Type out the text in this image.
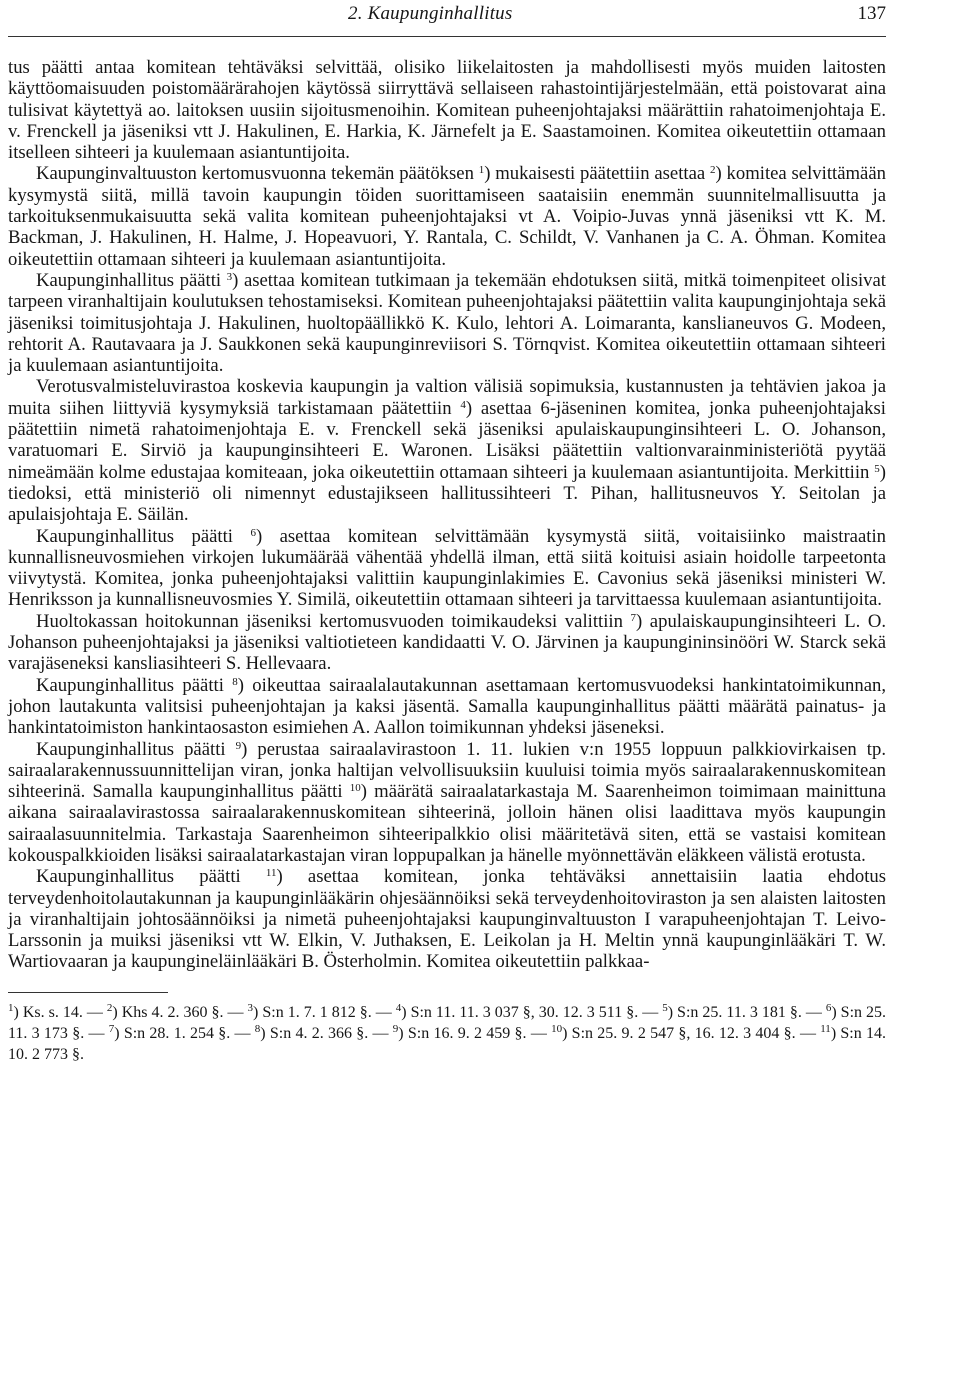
2. Kaupunginhallitus	137

tus päätti antaa komitean tehtäväksi selvittää, olisiko liikelaitosten ja mahdollisesti myös muiden laitosten käyttöomaisuuden poistomäärärahojen käytössä siirryttävä sellaiseen rahastointijärjestelmään, että poistovarat aina tulisivat käytettyä ao. laitoksen uusiin sijoitusmenoihin. Komitean puheenjohtajaksi määrättiin rahatoimenjohtaja E. v. Frenckell ja jäseniksi vtt J. Hakulinen, E. Harkia, K. Järnefelt ja E. Saastamoinen. Komitea oikeutettiin ottamaan itselleen sihteeri ja kuulemaan asiantuntijoita.

Kaupunginvaltuuston kertomusvuonna tekemän päätöksen $^1$) mukaisesti päätettiin asettaa $^2$) komitea selvittämään kysymystä siitä, millä tavoin kaupungin töiden suorittamiseen saataisiin enemmän suunnitelmallisuutta ja tarkoituksenmukaisuutta sekä valita komitean puheenjohtajaksi vt A. Voipio-Juvas ynnä jäseniksi vtt K. M. Backman, J. Hakulinen, H. Halme, J. Hopeavuori, Y. Rantala, C. Schildt, V. Vanhanen ja C. A. Öhman. Komitea oikeutettiin ottamaan sihteeri ja kuulemaan asiantuntijoita.

Kaupunginhallitus päätti $^3$) asettaa komitean tutkimaan ja tekemään ehdotuksen siitä, mitkä toimenpiteet olisivat tarpeen viranhaltijain koulutuksen tehostamiseksi. Komitean puheenjohtajaksi päätettiin valita kaupunginjohtaja sekä jäseniksi toimitusjohtaja J. Hakulinen, huoltopäällikkö K. Kulo, lehtori A. Loimaranta, kanslianeuvos G. Modeen, rehtorit A. Rautavaara ja J. Saukkonen sekä kaupunginreviisori S. Törnqvist. Komitea oikeutettiin ottamaan sihteeri ja kuulemaan asiantuntijoita.

Verotusvalmisteluvirastoa koskevia kaupungin ja valtion välisiä sopimuksia, kustannusten ja tehtävien jakoa ja muita siihen liittyviä kysymyksiä tarkistamaan päätettiin $^4$) asettaa 6-jäseninen komitea, jonka puheenjohtajaksi päätettiin nimetä rahatoimenjohtaja E. v. Frenckell sekä jäseniksi apulaiskaupunginsihteeri L. O. Johanson, varatuomari E. Sirviö ja kaupunginsihteeri E. Waronen. Lisäksi päätettiin valtionvarainministeriötä pyytää nimeämään kolme edustajaa komiteaan, joka oikeutettiin ottamaan sihteeri ja kuulemaan asiantuntijoita. Merkittiin $^5$) tiedoksi, että ministeriö oli nimennyt edustajikseen hallitussihteeri T. Pihan, hallitusneuvos Y. Seitolan ja apulaisjohtaja E. Säilän.

Kaupunginhallitus päätti $^6$) asettaa komitean selvittämään kysymystä siitä, voitaisiinko maistraatin kunnallisneuvosmiehen virkojen lukumäärää vähentää yhdellä ilman, että siitä koituisi asiain hoidolle tarpeetonta viivytystä. Komitea, jonka puheenjohtajaksi valittiin kaupunginlakimies E. Cavonius sekä jäseniksi ministeri W. Henriksson ja kunnallisneuvosmies Y. Similä, oikeutettiin ottamaan sihteeri ja tarvittaessa kuulemaan asiantuntijoita.

Huoltokassan hoitokunnan jäseniksi kertomusvuoden toimikaudeksi valittiin $^7$) apulaiskaupunginsihteeri L. O. Johanson puheenjohtajaksi ja jäseniksi valtiotieteen kandidaatti V. O. Järvinen ja kaupungininsinööri W. Starck sekä varajäseneksi kansliasihteeri S. Hellevaara.

Kaupunginhallitus päätti $^8$) oikeuttaa sairaalalautakunnan asettamaan kertomusvuodeksi hankintatoimikunnan, johon lautakunta valitsisi puheenjohtajan ja kaksi jäsentä. Samalla kaupunginhallitus päätti määrätä painatus- ja hankintatoimiston hankintaosaston esimiehen A. Aallon toimikunnan yhdeksi jäseneksi.

Kaupunginhallitus päätti $^9$) perustaa sairaalavirastoon 1. 11. lukien v:n 1955 loppuun palkkiovirkaisen tp. sairaalarakennussuunnittelijan viran, jonka haltijan velvollisuuksiin kuuluisi toimia myös sairaalarakennuskomitean sihteerinä. Samalla kaupunginhallitus päätti $^{10}$) määrätä sairaalatarkastaja M. Saarenheimon toimimaan mainittuna aikana sairaalavirastossa sairaalarakennuskomitean sihteerinä, jolloin hänen olisi laadittava myös kaupungin sairaalasuunnitelmia. Tarkastaja Saarenheimon sihteeripalkkio olisi määritetävä siten, että se vastaisi komitean kokouspalkkioiden lisäksi sairaalatarkastajan viran loppupalkan ja hänelle myönnettävän eläkkeen välistä erotusta.

Kaupunginhallitus päätti $^{11}$) asettaa komitean, jonka tehtäväksi annettaisiin laatia ehdotus terveydenhoitolautakunnan ja kaupunginlääkärin ohjesäännöiksi sekä terveydenhoitoviraston ja sen alaisten laitosten ja viranhaltijain johtosäännöiksi ja nimetä puheenjohtajaksi kaupunginvaltuuston I varapuheenjohtajan T. Leivo-Larssonin ja muiksi jäseniksi vtt W. Elkin, V. Juthaksen, E. Leikolan ja H. Meltin ynnä kaupunginlääkäri T. W. Wartiovaaran ja kaupungineläinlääkäri B. Österholmin. Komitea oikeutettiin palkkaa-

$^1$) Ks. s. 14. — $^2$) Khs 4. 2. 360 §. — $^3$) S:n 1. 7. 1 812 §. — $^4$) S:n 11. 11. 3 037 §, 30. 12. 3 511 §. — $^5$) S:n 25. 11. 3 181 §. — $^6$) S:n 25. 11. 3 173 §. — $^7$) S:n 28. 1. 254 §. — $^8$) S:n 4. 2. 366 §. — $^9$) S:n 16. 9. 2 459 §. — $^{10}$) S:n 25. 9. 2 547 §, 16. 12. 3 404 §. — $^{11}$) S:n 14. 10. 2 773 §.
